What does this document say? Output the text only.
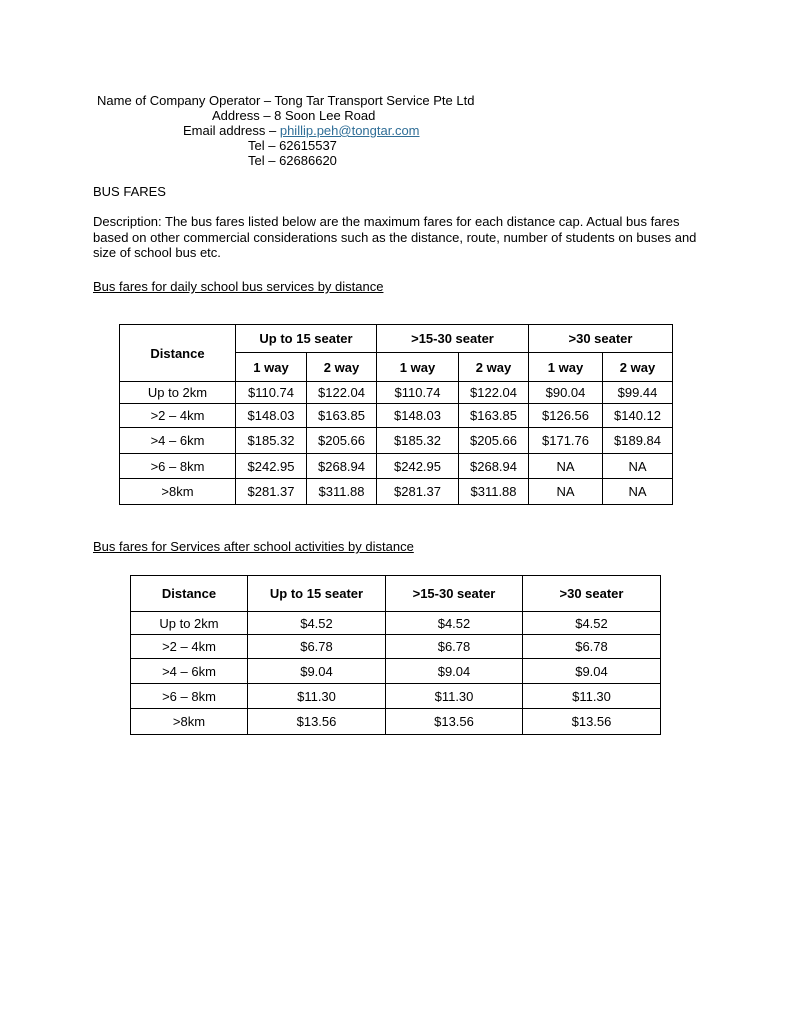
Name of Company Operator – Tong Tar Transport Service Pte Ltd
Address – 8 Soon Lee Road
Email address – phillip.peh@tongtar.com
Tel – 62615537
Tel – 62686620
BUS FARES
Description: The bus fares listed below are the maximum fares for each distance cap. Actual bus fares based on other commercial considerations such as the distance, route, number of students on buses and size of school bus etc.
Bus fares for daily school bus services by distance
Distance	Up to 15 seater		>15-30 seater		>30 seater	
	1 way	2 way	1 way	2 way	1 way	2 way
Up to 2km	$110.74	$122.04	$110.74	$122.04	$90.04	$99.44
>2 – 4km	$148.03	$163.85	$148.03	$163.85	$126.56	$140.12
>4 – 6km	$185.32	$205.66	$185.32	$205.66	$171.76	$189.84
>6 – 8km	$242.95	$268.94	$242.95	$268.94	NA	NA
>8km	$281.37	$311.88	$281.37	$311.88	NA	NA
Bus fares for Services after school activities by distance
Distance	Up to 15 seater	>15-30 seater	>30 seater
Up to 2km	$4.52	$4.52	$4.52
>2 – 4km	$6.78	$6.78	$6.78
>4 – 6km	$9.04	$9.04	$9.04
>6 – 8km	$11.30	$11.30	$11.30
>8km	$13.56	$13.56	$13.56
